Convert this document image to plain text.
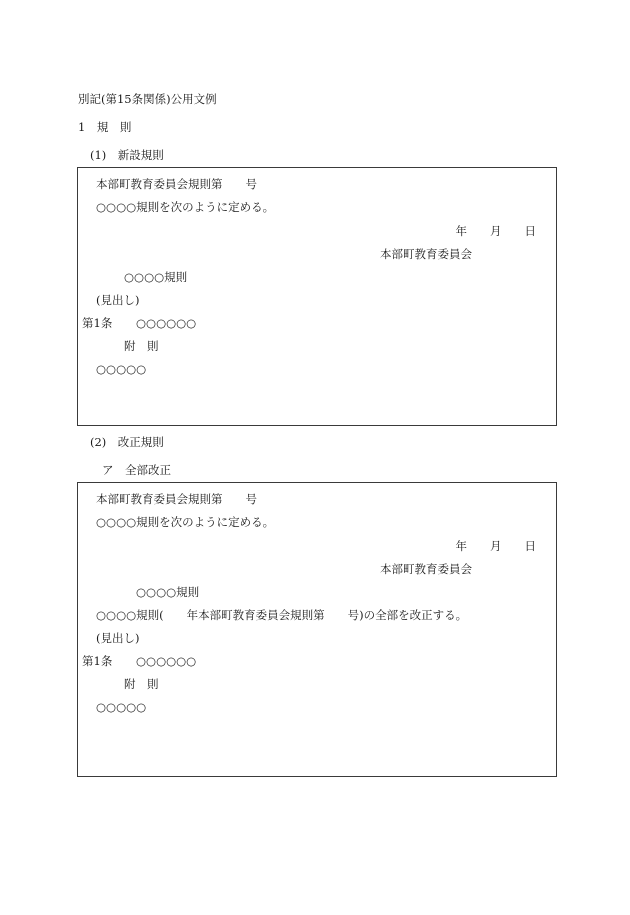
別記(第15条関係)公用文例
1　規　則
(1)　新設規則
本部町教育委員会規則第　　号
○○○○規則を次のように定める。
年　　月　　日
本部町教育委員会
○○○○規則
(見出し)
第1条 ○○○○○○
附　則
○○○○○
(2)　改正規則
ア　全部改正
本部町教育委員会規則第　　号
○○○○規則を次のように定める。
年　　月　　日
本部町教育委員会
○○○○規則
○○○○規則(　　年本部町教育委員会規則第　　号)の全部を改正する。
(見出し)
第1条 ○○○○○○
附　則
○○○○○
